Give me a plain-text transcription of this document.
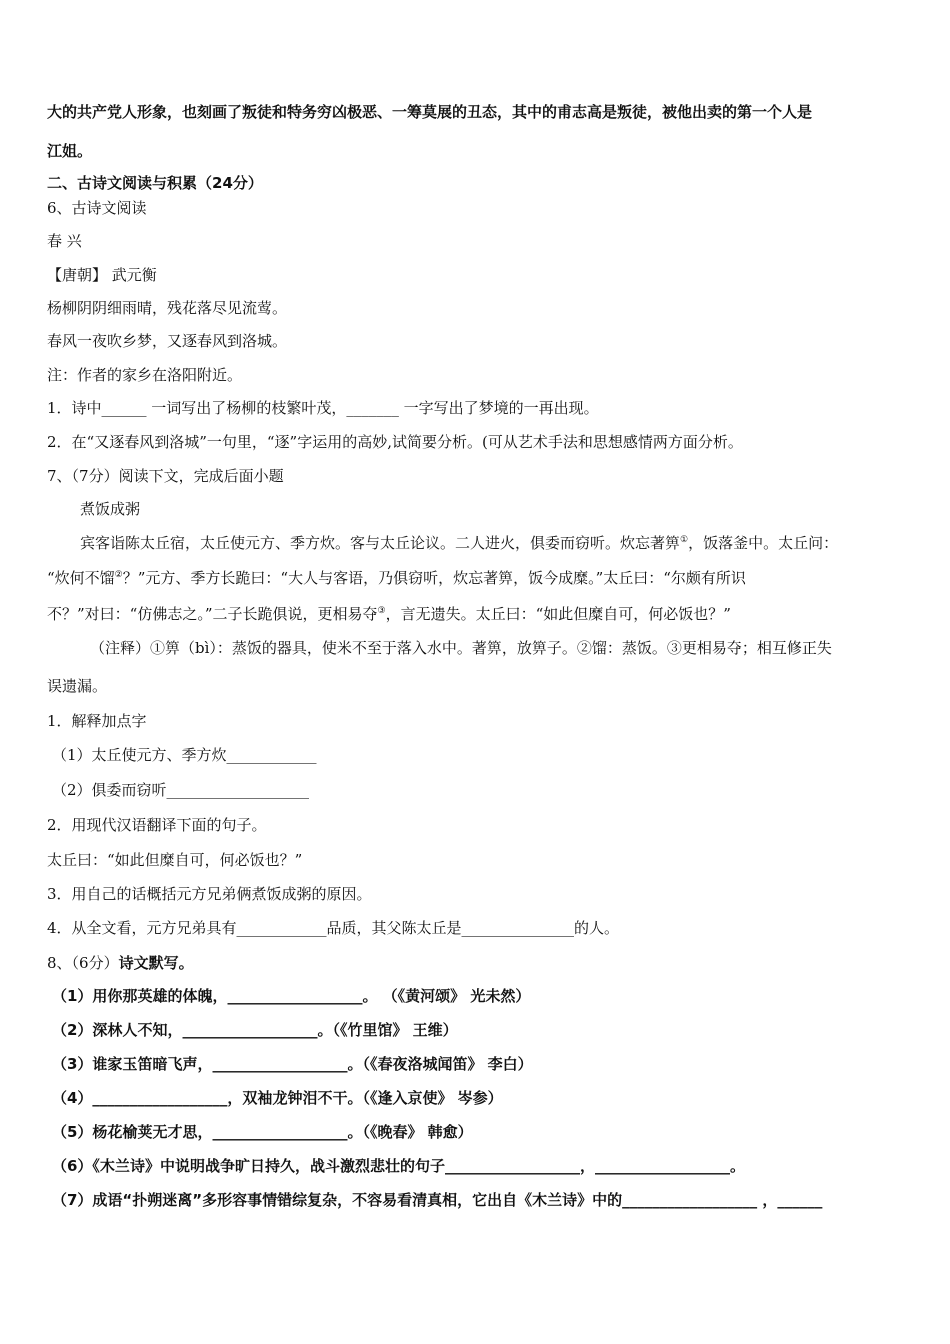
大的共产党人形象，也刻画了叛徒和特务穷凶极恶、一筹莫展的丑态，其中的甫志高是叛徒，被他出卖的第一个人是
江姐。
二、古诗文阅读与积累（24分）
6、古诗文阅读
春 兴
【唐朝】 武元衡
杨柳阴阴细雨晴，残花落尽见流莺。
春风一夜吹乡梦，又逐春风到洛城。
注：作者的家乡在洛阳附近。
1．诗中______ 一词写出了杨柳的枝繁叶茂，_______ 一字写出了梦境的一再出现。
2．在“又逐春风到洛城”一句里，“逐”字运用的高妙,试简要分析。(可从艺术手法和思想感情两方面分析。
7、（7分）阅读下文，完成后面小题
煮饭成粥
宾客诣陈太丘宿，太丘使元方、季方炊。客与太丘论议。二人进火，俱委而窃听。炊忘著箅①，饭落釜中。太丘问：
“炊何不馏②？”元方、季方长跪曰：“大人与客语，乃俱窃听，炊忘著箅，饭今成糜。”太丘曰：“尔颇有所识
不？”对曰：“仿佛志之。”二子长跪俱说，更相易夺③，言无遗失。太丘曰：“如此但糜自可，何必饭也？”
（注释）①箅（bì）：蒸饭的器具，使米不至于落入水中。著箅，放箅子。②馏：蒸饭。③更相易夺；相互修正失
误遗漏。
1．解释加点字
（1）太丘使元方、季方炊____________
（2）俱委而窃听___________________
2．用现代汉语翻译下面的句子。
太丘曰：“如此但糜自可，何必饭也？”
3．用自己的话概括元方兄弟俩煮饭成粥的原因。
4．从全文看，元方兄弟具有____________品质，其父陈太丘是_______________的人。
8、（6分）诗文默写。
（1）用你那英雄的体魄，__________________。 （《黄河颂》 光未然）
（2）深林人不知，__________________。（《竹里馆》 王维）
（3）谁家玉笛暗飞声，__________________。（《春夜洛城闻笛》 李白）
（4）__________________，双袖龙钟泪不干。（《逢入京使》 岑参）
（5）杨花榆荚无才思，__________________。（《晚春》 韩愈）
（6）《木兰诗》中说明战争旷日持久，战斗激烈悲壮的句子__________________，__________________。
（7）成语“扑朔迷离”多形容事情错综复杂，不容易看清真相，它出自《木兰诗》中的__________________ ，______
